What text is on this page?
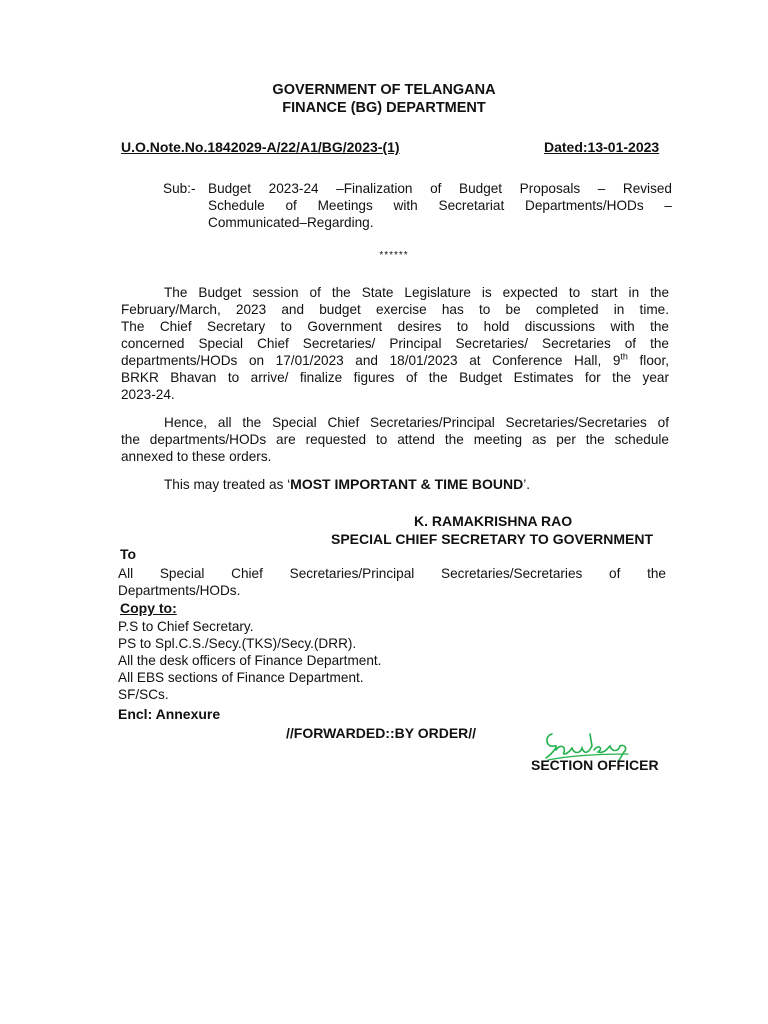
GOVERNMENT OF TELANGANA
FINANCE (BG) DEPARTMENT
U.O.Note.No.1842029-A/22/A1/BG/2023-(1)	Dated:13-01-2023
Sub:- Budget 2023-24 –Finalization of Budget Proposals – Revised
Schedule of Meetings with Secretariat Departments/HODs –
Communicated–Regarding.
******
The Budget session of the State Legislature is expected to start in the
February/March, 2023 and budget exercise has to be completed in time.
The Chief Secretary to Government desires to hold discussions with the
concerned Special Chief Secretaries/ Principal Secretaries/ Secretaries of the
departments/HODs on 17/01/2023 and 18/01/2023 at Conference Hall, 9th floor,
BRKR Bhavan to arrive/ finalize figures of the Budget Estimates for the year
2023-24.
Hence, all the Special Chief Secretaries/Principal Secretaries/Secretaries of
the departments/HODs are requested to attend the meeting as per the schedule
annexed to these orders.
This may treated as ‘MOST IMPORTANT & TIME BOUND’.
K. RAMAKRISHNA RAO
SPECIAL CHIEF SECRETARY TO GOVERNMENT
To
All Special Chief Secretaries/Principal Secretaries/Secretaries of the
Departments/HODs.
Copy to:
P.S to Chief Secretary.
PS to Spl.C.S./Secy.(TKS)/Secy.(DRR).
All the desk officers of Finance Department.
All EBS sections of Finance Department.
SF/SCs.
Encl: Annexure
//FORWARDED::BY ORDER//
SECTION OFFICER
